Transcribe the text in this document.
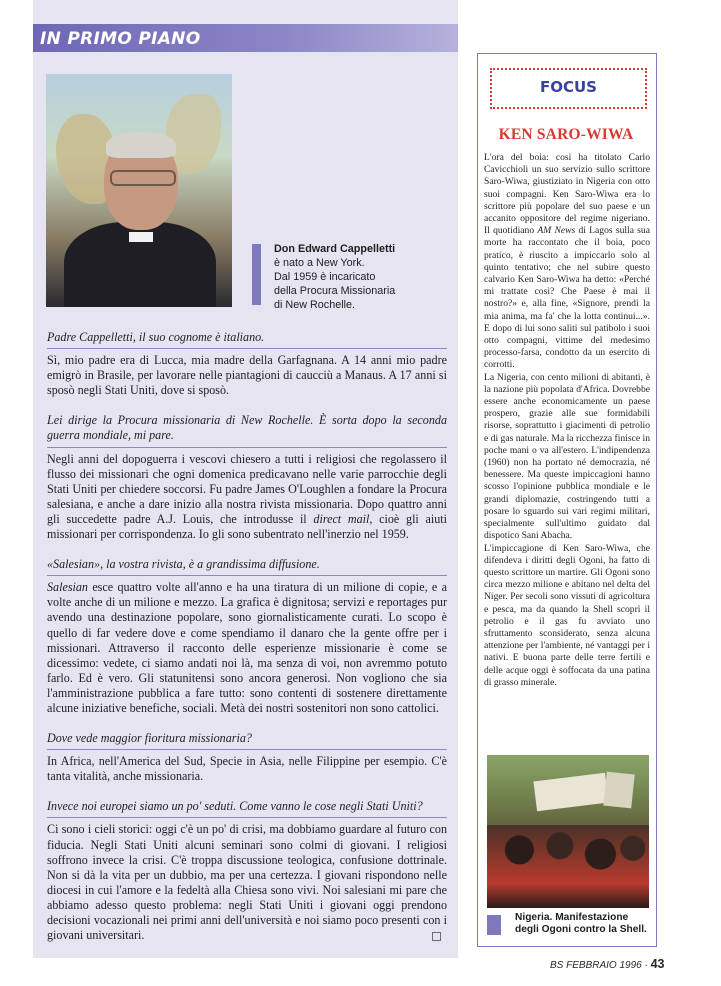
IN PRIMO PIANO
Don Edward Cappelletti
è nato a New York.
Dal 1959 è incaricato
della Procura Missionaria
di New Rochelle.

Padre Cappelletti, il suo cognome è italiano.

Sì, mio padre era di Lucca, mia madre della Garfagnana. A 14 anni mio padre emigrò in Brasile, per lavorare nelle piantagioni di caucciù a Manaus. A 17 anni si sposò negli Stati Uniti, dove si sposò.

Lei dirige la Procura missionaria di New Rochelle. È sorta dopo la seconda guerra mondiale, mi pare.

Negli anni del dopoguerra i vescovi chiesero a tutti i religiosi che regolassero il flusso dei missionari che ogni domenica predicavano nelle varie parrocchie degli Stati Uniti per chiedere soccorsi. Fu padre James O'Loughlen a fondare la Procura salesiana, e anche a dare inizio alla nostra rivista missionaria. Dopo quattro anni gli succedette padre A.J. Louis, che introdusse il direct mail, cioè gli aiuti missionari per corrispondenza. Io gli sono subentrato nell'inerzio nel 1959.

«Salesian», la vostra rivista, è a grandissima diffusione.

Salesian esce quattro volte all'anno e ha una tiratura di un milione di copie, e a volte anche di un milione e mezzo. La grafica è dignitosa; servizi e reportages pur avendo una destinazione popolare, sono giornalisticamente curati. Lo scopo è quello di far vedere dove e come spendiamo il danaro che la gente offre per i missionari. Attraverso il racconto delle esperienze missionarie è come se dicessimo: vedete, ci siamo andati noi là, ma senza di voi, non avremmo potuto farlo. Ed è vero. Gli statunitensi sono ancora generosi. Non vogliono che sia l'amministrazione pubblica a fare tutto: sono contenti di sostenere direttamente alcune iniziative benefiche, sociali. Metà dei nostri sostenitori non sono cattolici.

Dove vede maggior fioritura missionaria?

In Africa, nell'America del Sud, Specie in Asia, nelle Filippine per esempio. C'è tanta vitalità, anche missionaria.

Invece noi europei siamo un po' seduti. Come vanno le cose negli Stati Uniti?

Ci sono i cieli storici: oggi c'è un po' di crisi, ma dobbiamo guardare al futuro con fiducia. Negli Stati Uniti alcuni seminari sono colmi di giovani. I religiosi soffrono invece la crisi. C'è troppa discussione teologica, confusione dottrinale. Non si dà la vita per un dubbio, ma per una certezza. I giovani rispondono nelle diocesi in cui l'amore e la fedeltà alla Chiesa sono vivi. Noi salesiani mi pare che abbiamo adesso questo problema: negli Stati Uniti i giovani oggi prendono decisioni vocazionali nei primi anni dell'università e noi siamo poco presenti con i giovani universitari.

FOCUS
KEN SARO-WIWA

L'ora del boia: così ha titolato Carlo Cavicchioli un suo servizio sullo scrittore Saro-Wiwa, giustiziato in Nigeria con otto suoi compagni. Ken Saro-Wiwa era lo scrittore più popolare del suo paese e un accanito oppositore del regime nigeriano. Il quotidiano AM News di Lagos sulla sua morte ha raccontato che il boia, poco pratico, è riuscito a impiccarlo solo al quinto tentativo; che nel subire questo calvario Ken Saro-Wiwa ha detto: «Perché mi trattate così? Che Paese è mai il nostro?» e, alla fine, «Signore, prendi la mia anima, ma fa' che la lotta continui...». E dopo di lui sono saliti sul patibolo i suoi otto compagni, vittime del medesimo processo-farsa, condotto da un esercito di corrotti.

La Nigeria, con cento milioni di abitanti, è la nazione più popolata d'Africa. Dovrebbe essere anche economicamente un paese prospero, grazie alle sue formidabili risorse, soprattutto i giacimenti di petrolio e di gas naturale. Ma la ricchezza finisce in poche mani o va all'estero. L'indipendenza (1960) non ha portato né democrazia, né benessere. Ma queste impiccagioni hanno scosso l'opinione pubblica mondiale e le grandi diplomazie, costringendo tutti a posare lo sguardo sui vari regimi militari, specialmente sull'ultimo guidato dal dispotico Sani Abacha.

L'impiccagione di Ken Saro-Wiwa, che difendeva i diritti degli Ogoni, ha fatto di questo scrittore un martire. Gli Ogoni sono circa mezzo milione e abitano nel delta del Niger. Per secoli sono vissuti di agricoltura e pesca, ma da quando la Shell scoprì il petrolio e il gas fu avviato uno sfruttamento sconsiderato, senza alcuna attenzione per l'ambiente, né vantaggi per i nativi. E buona parte delle terre fertili e delle acque oggi è soffocata da una patina di grasso minerale.

Nigeria. Manifestazione
degli Ogoni contro la Shell.
BS FEBBRAIO 1996 · 43
